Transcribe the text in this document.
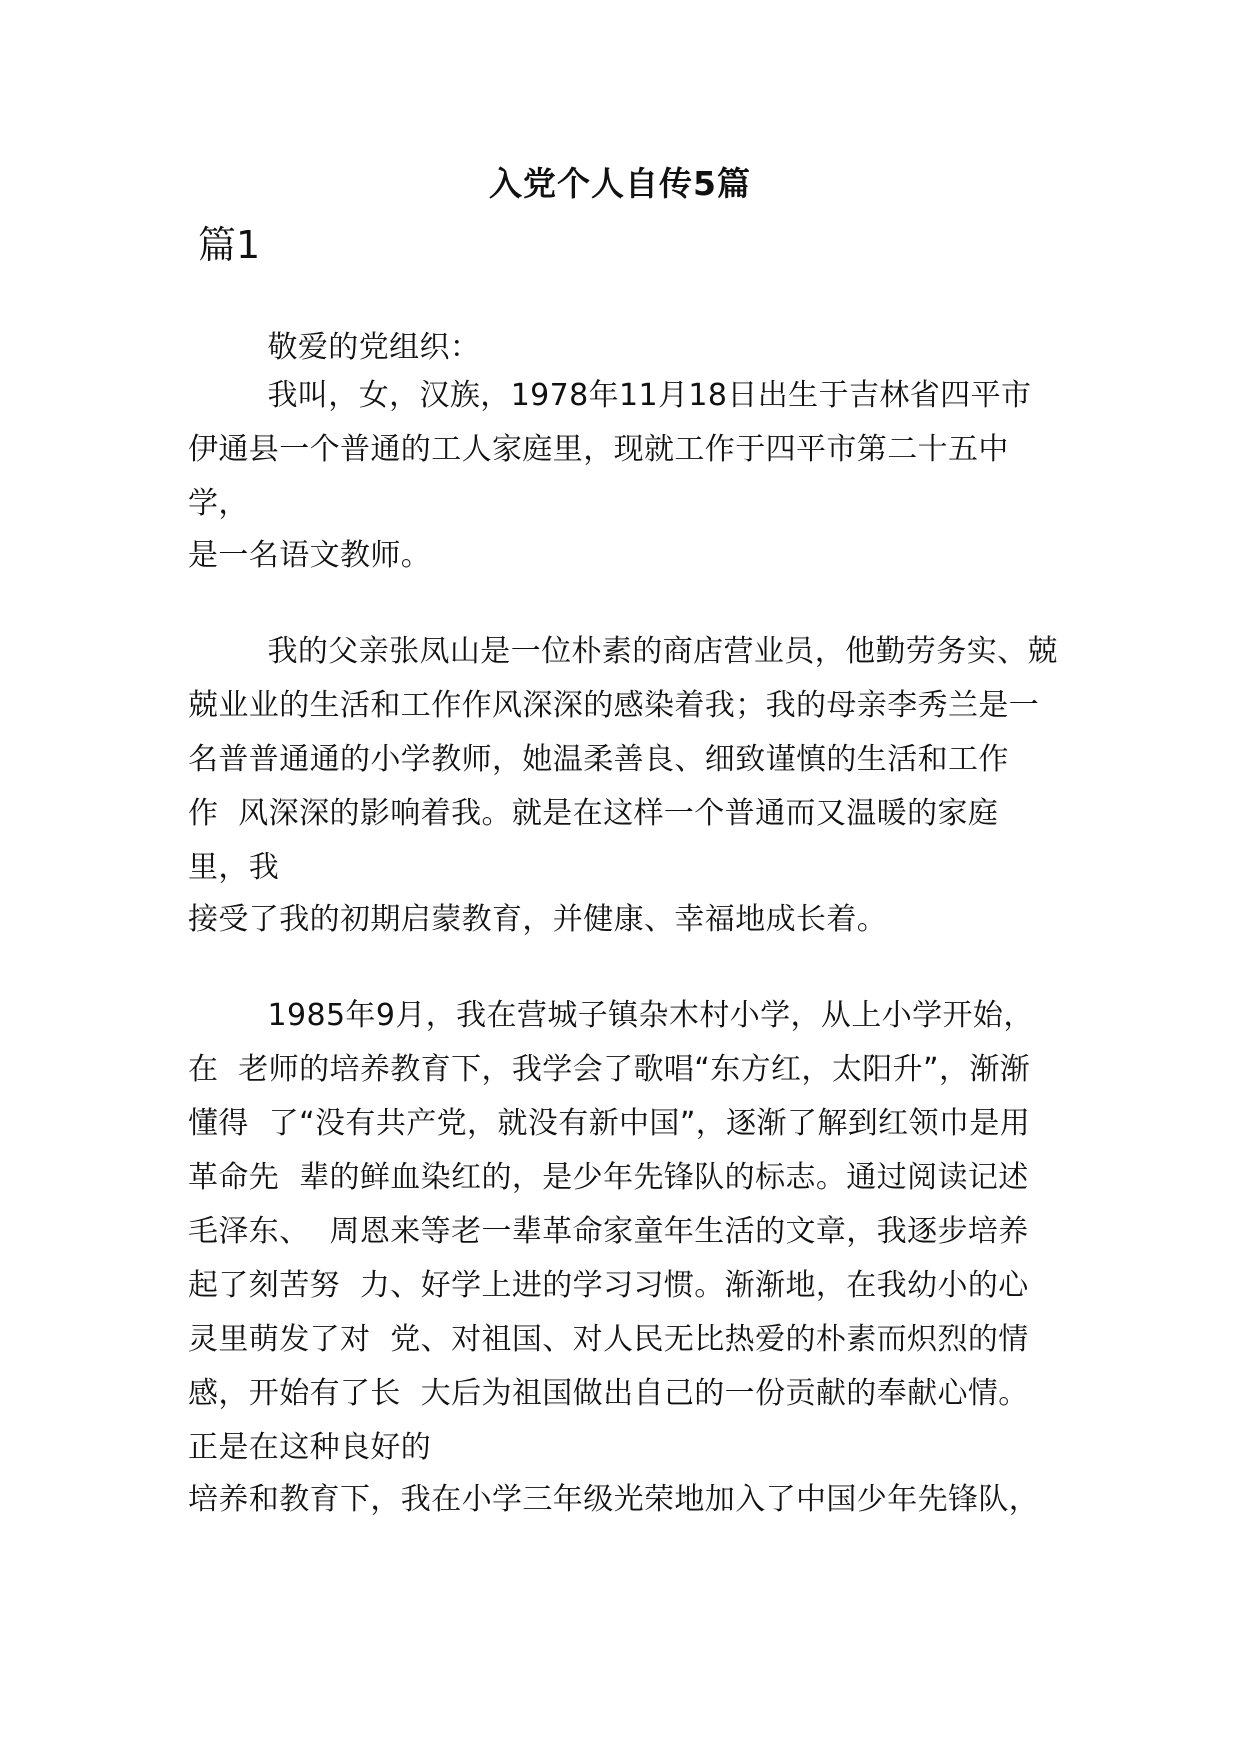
入党个人自传5篇
篇1
敬爱的党组织：
我叫，女，汉族，1978年11月18日出生于吉林省四平市
伊通县一个普通的工人家庭里，现就工作于四平市第二十五中
学，
是一名语文教师。
我的父亲张凤山是一位朴素的商店营业员，他勤劳务实、兢
兢业业的生活和工作作风深深的感染着我；我的母亲李秀兰是一
名普普通通的小学教师，她温柔善良、细致谨慎的生活和工作
作  风深深的影响着我。就是在这样一个普通而又温暖的家庭
里，我
接受了我的初期启蒙教育，并健康、幸福地成长着。
1985年9月，我在营城子镇杂木村小学，从上小学开始，
在  老师的培养教育下，我学会了歌唱“东方红，太阳升”，渐渐
懂得  了“没有共产党，就没有新中国”，逐渐了解到红领巾是用
革命先  辈的鲜血染红的，是少年先锋队的标志。通过阅读记述
毛泽东、  周恩来等老一辈革命家童年生活的文章，我逐步培养
起了刻苦努  力、好学上进的学习习惯。渐渐地，在我幼小的心
灵里萌发了对  党、对祖国、对人民无比热爱的朴素而炽烈的情
感，开始有了长  大后为祖国做出自己的一份贡献的奉献心情。
正是在这种良好的
培养和教育下，我在小学三年级光荣地加入了中国少年先锋队，
